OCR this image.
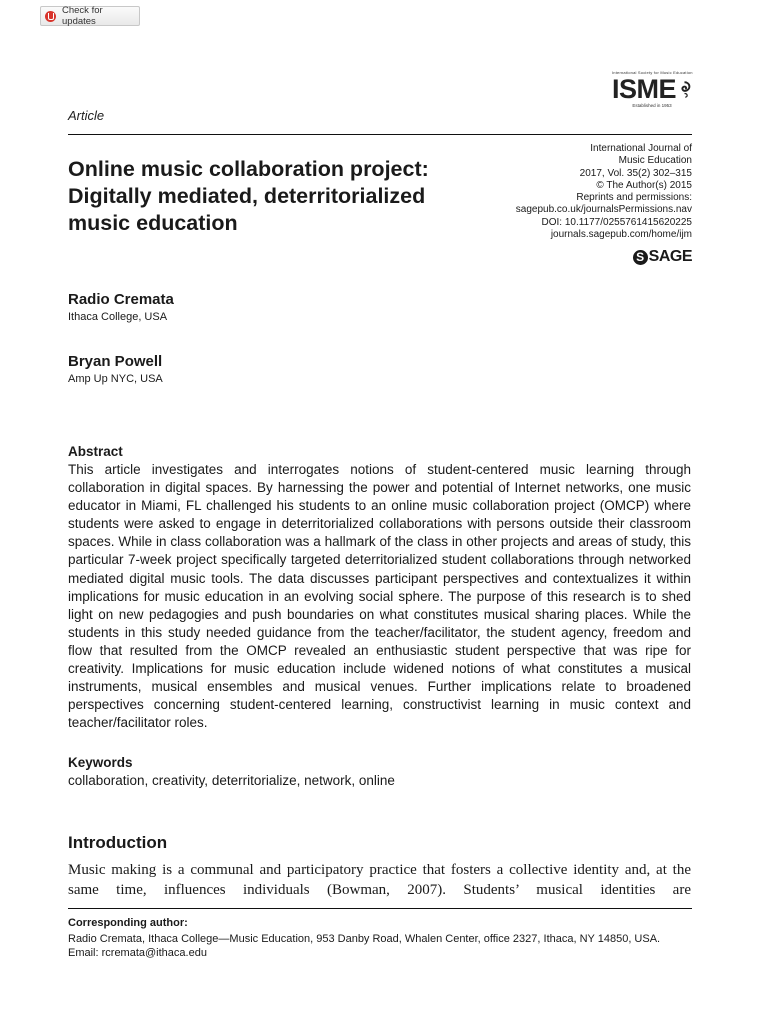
Check for updates
International Society for Music Education
ISME
Established in 1953
Article
Online music collaboration project: Digitally mediated, deterritorialized music education
International Journal of
Music Education
2017, Vol. 35(2) 302–315
© The Author(s) 2015
Reprints and permissions:
sagepub.co.uk/journalsPermissions.nav
DOI: 10.1177/0255761415620225
journals.sagepub.com/home/ijm
S SAGE
Radio Cremata
Ithaca College, USA
Bryan Powell
Amp Up NYC, USA
Abstract

This article investigates and interrogates notions of student-centered music learning through collaboration in digital spaces. By harnessing the power and potential of Internet networks, one music educator in Miami, FL challenged his students to an online music collaboration project (OMCP) where students were asked to engage in deterritorialized collaborations with persons outside their classroom spaces. While in class collaboration was a hallmark of the class in other projects and areas of study, this particular 7-week project specifically targeted deterritorialized student collaborations through networked mediated digital music tools. The data discusses participant perspectives and contextualizes it within implications for music education in an evolving social sphere. The purpose of this research is to shed light on new pedagogies and push boundaries on what constitutes musical sharing places. While the students in this study needed guidance from the teacher/facilitator, the student agency, freedom and flow that resulted from the OMCP revealed an enthusiastic student perspective that was ripe for creativity. Implications for music education include widened notions of what constitutes a musical instruments, musical ensembles and musical venues. Further implications relate to broadened perspectives concerning student-centered learning, constructivist learning in music context and teacher/facilitator roles.

Keywords
collaboration, creativity, deterritorialize, network, online
Introduction

Music making is a communal and participatory practice that fosters a collective identity and, at the same time, influences individuals (Bowman, 2007). Students’ musical identities are

Corresponding author:
Radio Cremata, Ithaca College—Music Education, 953 Danby Road, Whalen Center, office 2327, Ithaca, NY 14850, USA.
Email: rcremata@ithaca.edu
